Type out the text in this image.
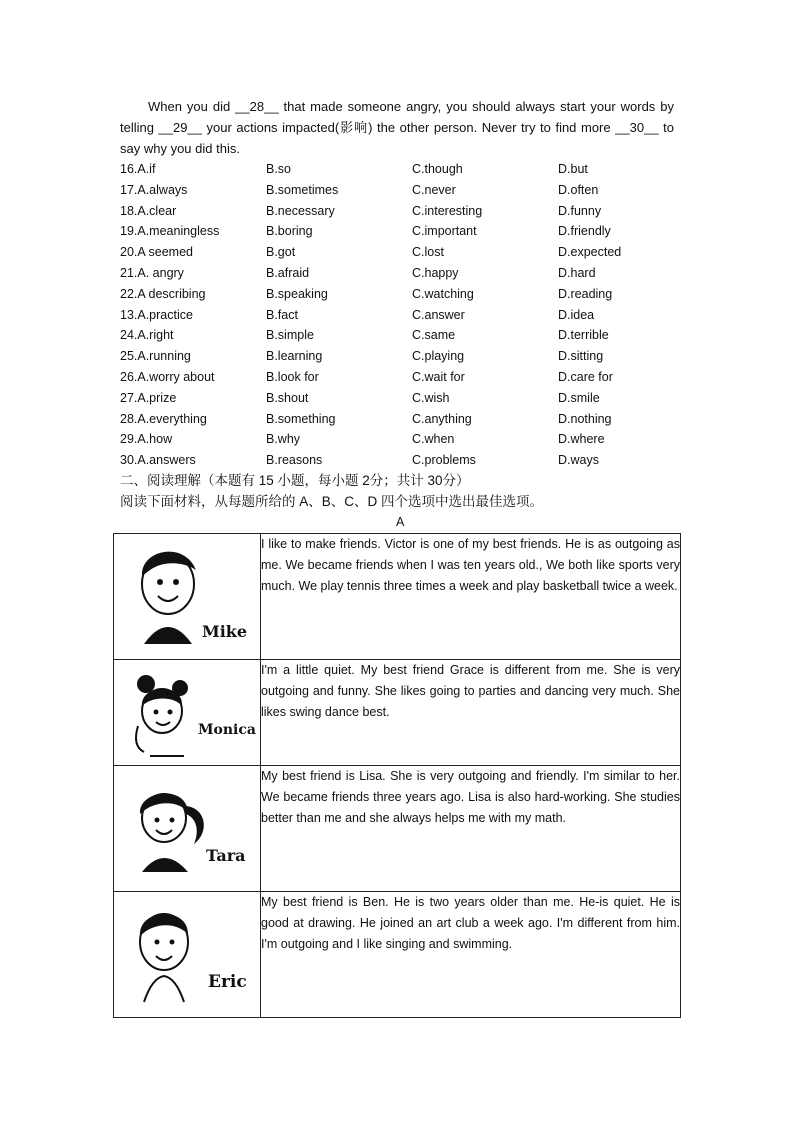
When you did __28__ that made someone angry, you should always start your words by telling __29__ your actions impacted(影响) the other person. Never try to find more __30__ to say why you did this.

16.A.if	B.so	C.though	D.but
17.A.always	B.sometimes	C.never	D.often
18.A.clear	B.necessary	C.interesting	D.funny
19.A.meaningless	B.boring	C.important	D.friendly
20.A seemed	B.got	C.lost	D.expected
21.A. angry	B.afraid	C.happy	D.hard
22.A describing	B.speaking	C.watching	D.reading
13.A.practice	B.fact	C.answer	D.idea
24.A.right	B.simple	C.same	D.terrible
25.A.running	B.learning	C.playing	D.sitting
26.A.worry about	B.look for	C.wait for	D.care for
27.A.prize	B.shout	C.wish	D.smile
28.A.everything	B.something	C.anything	D.nothing
29.A.how	B.why	C.when	D.where
30.A.answers	B.reasons	C.problems	D.ways
二、阅读理解（本题有 15 小题，每小题 2分；共计 30分）
阅读下面材料，从每题所给的 A、B、C、D 四个选项中选出最佳选项。
A
Mike	I like to make friends. Victor is one of my best friends. He is as outgoing as me. We became friends when I was ten years old., We both like sports very much. We play tennis three times a week and play basketball twice a week.

Monica	I'm a little quiet. My best friend Grace is different from me. She is very outgoing and funny. She likes going to parties and dancing very much. She likes swing dance best.

Tara	My best friend is Lisa. She is very outgoing and friendly. I'm similar to her. We became friends three years ago. Lisa is also hard-working. She studies better than me and she always helps me with my math.

Eric	My best friend is Ben. He is two years older than me. He-is quiet. He is good at drawing. He joined an art club a week ago. I'm different from him. I'm outgoing and I like singing and swimming.
